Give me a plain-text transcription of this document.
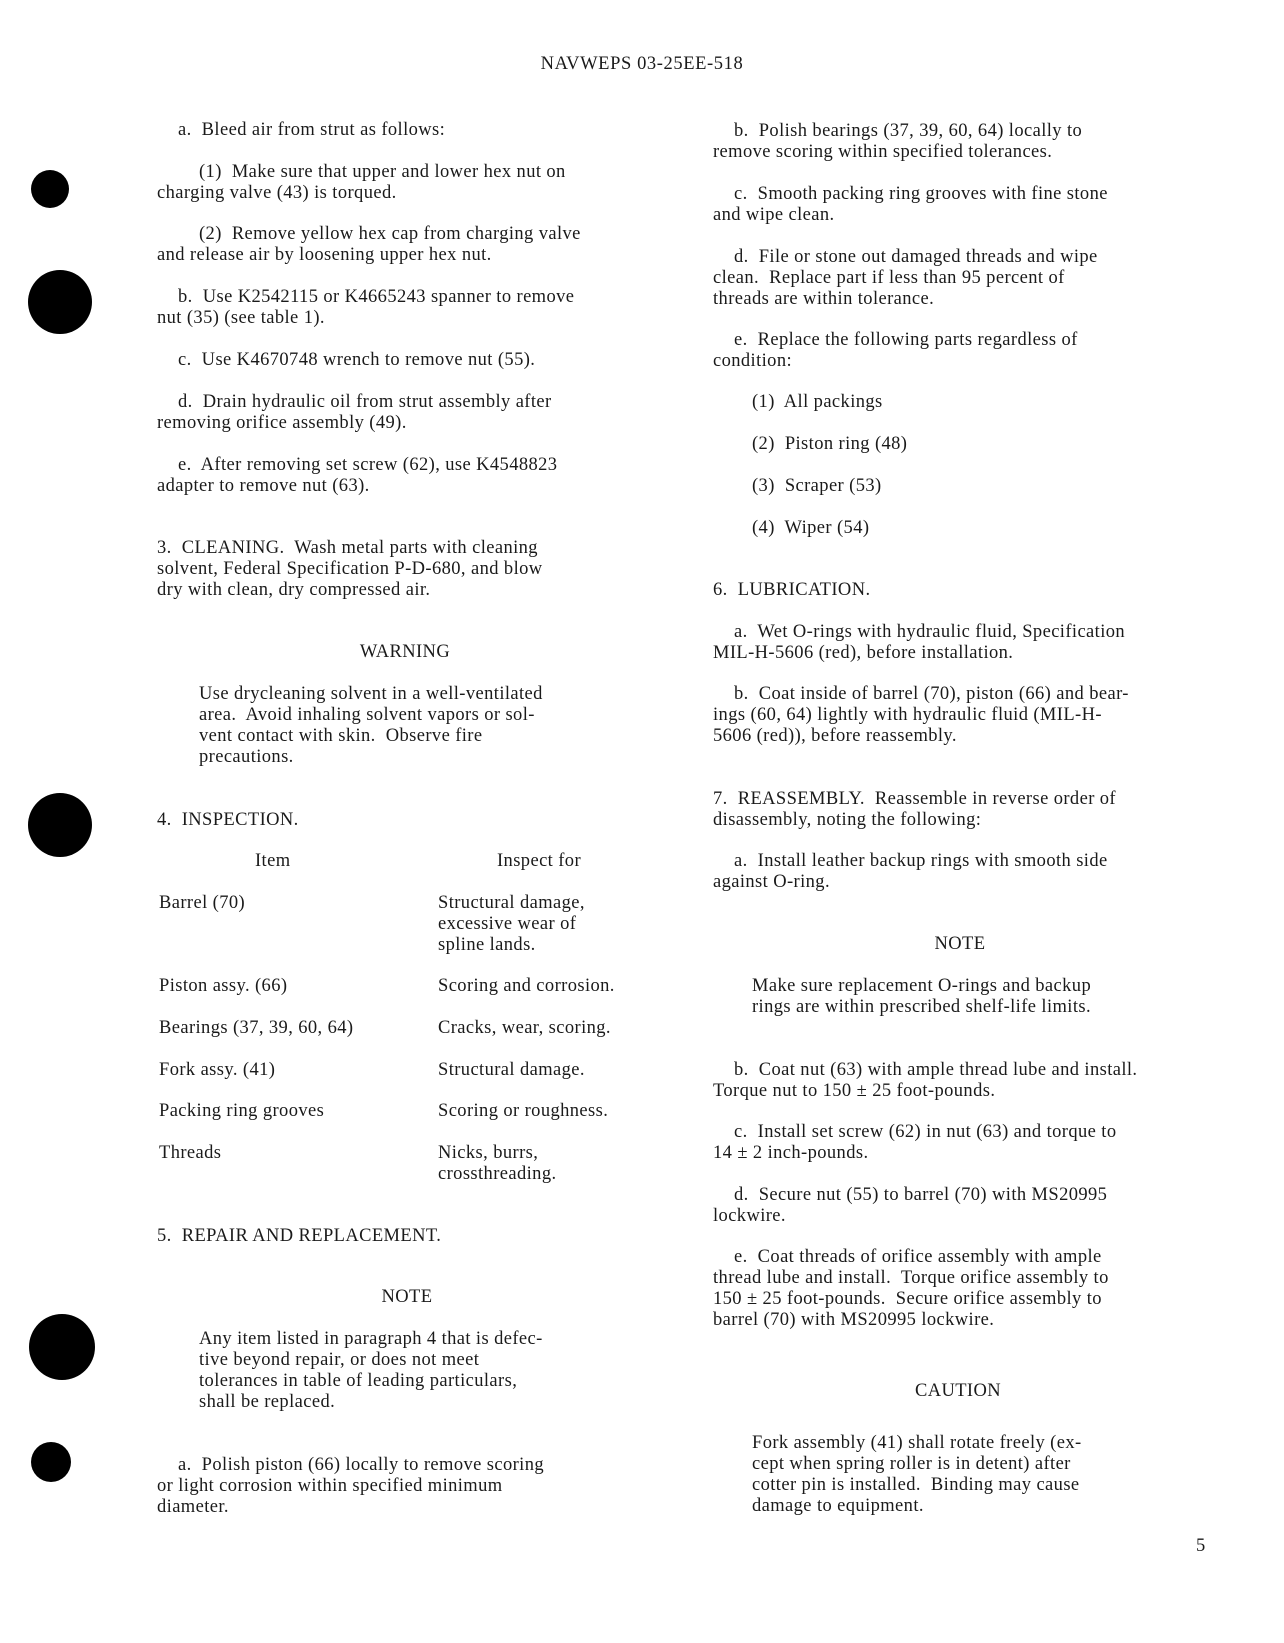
NAVWEPS 03-25EE-518
5
a.  Bleed air from strut as follows:
(1)  Make sure that upper and lower hex nut on
charging valve (43) is torqued.
(2)  Remove yellow hex cap from charging valve
and release air by loosening upper hex nut.
b.  Use K2542115 or K4665243 spanner to remove
nut (35) (see table 1).
c.  Use K4670748 wrench to remove nut (55).
d.  Drain hydraulic oil from strut assembly after
removing orifice assembly (49).
e.  After removing set screw (62), use K4548823
adapter to remove nut (63).
3.  CLEANING.  Wash metal parts with cleaning
solvent, Federal Specification P-D-680, and blow
dry with clean, dry compressed air.
WARNING
Use drycleaning solvent in a well-ventilated
area.  Avoid inhaling solvent vapors or sol-
vent contact with skin.  Observe fire
precautions.
4.  INSPECTION.
5.  REPAIR AND REPLACEMENT.
NOTE
Any item listed in paragraph 4 that is defec-
tive beyond repair, or does not meet
tolerances in table of leading particulars,
shall be replaced.
a.  Polish piston (66) locally to remove scoring
or light corrosion within specified minimum
diameter.
b.  Polish bearings (37, 39, 60, 64) locally to
remove scoring within specified tolerances.
c.  Smooth packing ring grooves with fine stone
and wipe clean.
d.  File or stone out damaged threads and wipe
clean.  Replace part if less than 95 percent of
threads are within tolerance.
e.  Replace the following parts regardless of
condition:
(1)  All packings
(2)  Piston ring (48)
(3)  Scraper (53)
(4)  Wiper (54)
6.  LUBRICATION.
a.  Wet O-rings with hydraulic fluid, Specification
MIL-H-5606 (red), before installation.
b.  Coat inside of barrel (70), piston (66) and bear-
ings (60, 64) lightly with hydraulic fluid (MIL-H-
5606 (red)), before reassembly.
7.  REASSEMBLY.  Reassemble in reverse order of
disassembly, noting the following:
a.  Install leather backup rings with smooth side
against O-ring.
NOTE
Make sure replacement O-rings and backup
rings are within prescribed shelf-life limits.
b.  Coat nut (63) with ample thread lube and install.
Torque nut to 150 ± 25 foot-pounds.
c.  Install set screw (62) in nut (63) and torque to
14 ± 2 inch-pounds.
d.  Secure nut (55) to barrel (70) with MS20995
lockwire.
e.  Coat threads of orifice assembly with ample
thread lube and install.  Torque orifice assembly to
150 ± 25 foot-pounds.  Secure orifice assembly to
barrel (70) with MS20995 lockwire.
CAUTION
Fork assembly (41) shall rotate freely (ex-
cept when spring roller is in detent) after
cotter pin is installed.  Binding may cause
damage to equipment.
Item	Inspect for
Barrel (70)	Structural damage,
excessive wear of
spline lands.
Piston assy. (66)	Scoring and corrosion.
Bearings (37, 39, 60, 64)	Cracks, wear, scoring.
Fork assy. (41)	Structural damage.
Packing ring grooves	Scoring or roughness.
Threads	Nicks, burrs,
crossthreading.
